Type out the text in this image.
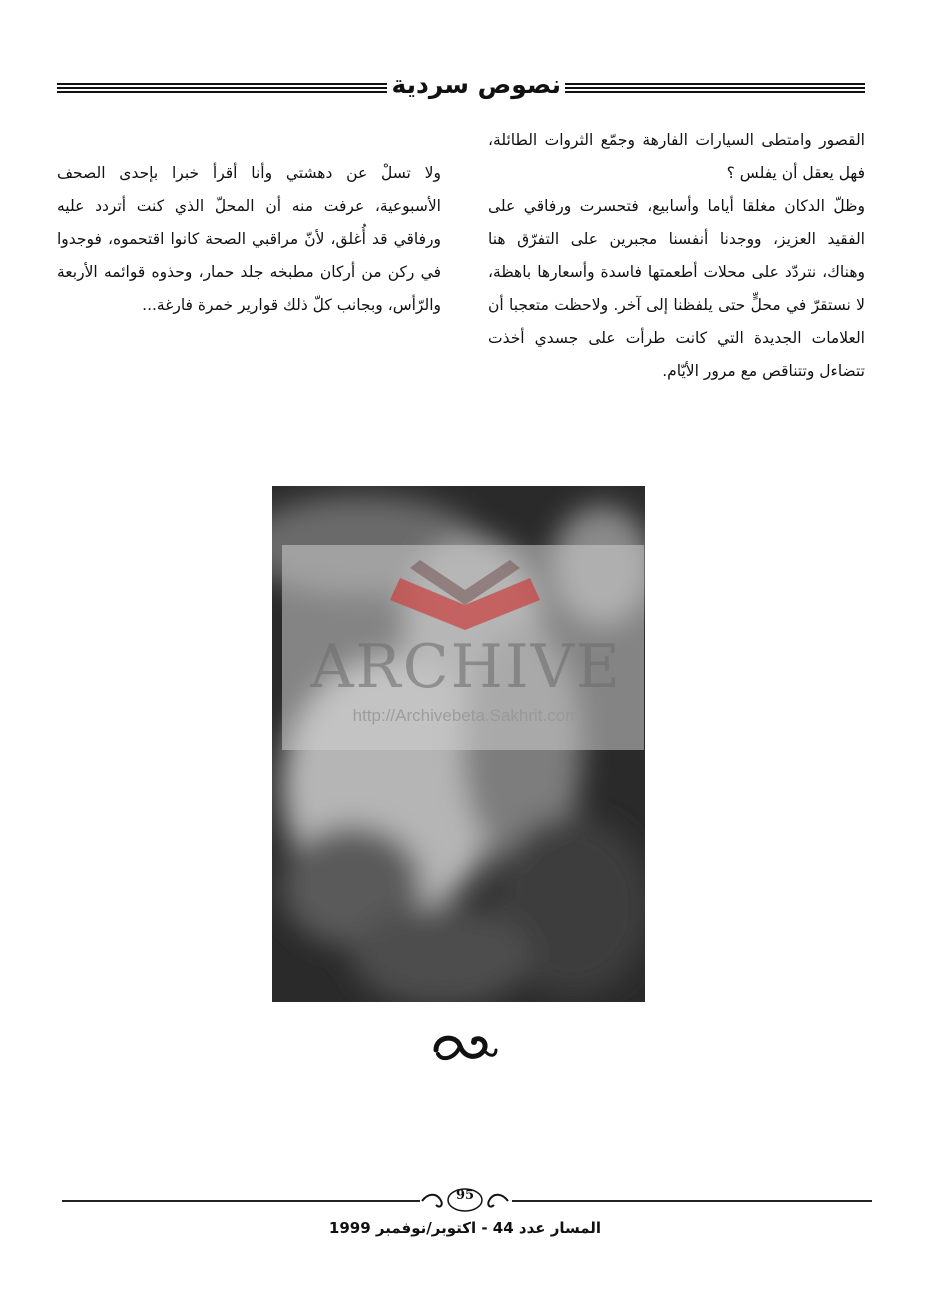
نصوص سردية

القصور وامتطى السيارات الفارهة وجمّع الثروات الطائلة، فهل يعقل أن يفلس ؟

وظلّ الدكان مغلقا أياما وأسابيع، فتحسرت ورفاقي على الفقيد العزيز، ووجدنا أنفسنا مجبرين على التفرّق هنا وهناك، نتردّد على محلات أطعمتها فاسدة وأسعارها باهظة، لا نستقرّ في محلٍّ حتى يلفظنا إلى آخر. ولاحظت متعجبا أن العلامات الجديدة التي كانت طرأت على جسدي أخذت تتضاءل وتتناقص مع مرور الأيّام.

ولا تسلْ عن دهشتي وأنا أقرأ خبرا بإحدى الصحف الأسبوعية، عرفت منه أن المحلّ الذي كنت أتردد عليه ورفاقي قد أُغلق، لأنّ مراقبي الصحة كانوا اقتحموه، فوجدوا في ركن من أركان مطبخه جلد حمار، وحذوه قوائمه الأربعة والرّأس، وبجانب كلّ ذلك قوارير خمرة فارغة...

ARCHIVE
http://Archivebeta.Sakhrit.com
95
المسار عدد 44 - اكتوبر/نوفمبر 1999
